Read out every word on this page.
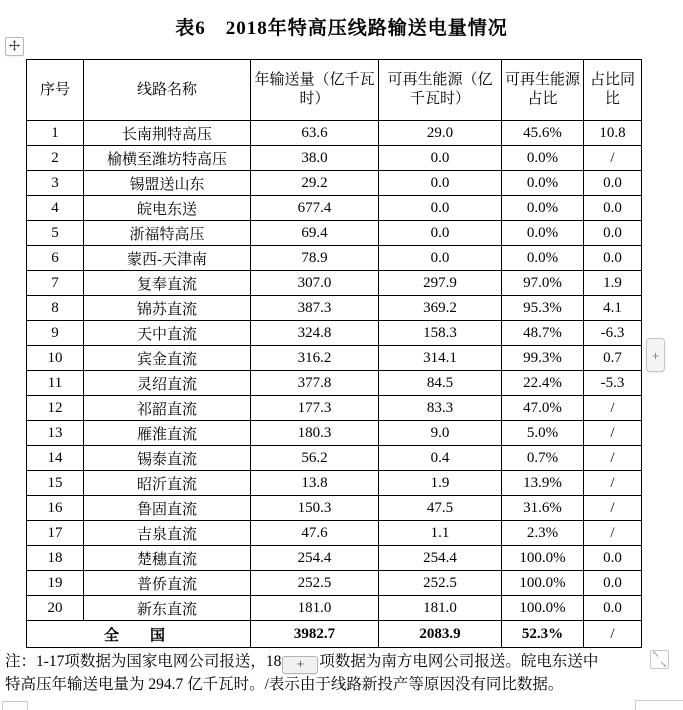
表6　2018年特高压线路输送电量情况
序号	线路名称	年输送量（亿千瓦时）	可再生能源（亿千瓦时）	可再生能源占比	占比同比
1	长南荆特高压	63.6	29.0	45.6%	10.8
2	榆横至潍坊特高压	38.0	0.0	0.0%	/
3	锡盟送山东	29.2	0.0	0.0%	0.0
4	皖电东送	677.4	0.0	0.0%	0.0
5	浙福特高压	69.4	0.0	0.0%	0.0
6	蒙西-天津南	78.9	0.0	0.0%	0.0
7	复奉直流	307.0	297.9	97.0%	1.9
8	锦苏直流	387.3	369.2	95.3%	4.1
9	天中直流	324.8	158.3	48.7%	-6.3
10	宾金直流	316.2	314.1	99.3%	0.7
11	灵绍直流	377.8	84.5	22.4%	-5.3
12	祁韶直流	177.3	83.3	47.0%	/
13	雁淮直流	180.3	9.0	5.0%	/
14	锡泰直流	56.2	0.4	0.7%	/
15	昭沂直流	13.8	1.9	13.9%	/
16	鲁固直流	150.3	47.5	31.6%	/
17	吉泉直流	47.6	1.1	2.3%	/
18	楚穗直流	254.4	254.4	100.0%	0.0
19	普侨直流	252.5	252.5	100.0%	0.0
20	新东直流	181.0	181.0	100.0%	0.0
全　国		3982.7	2083.9	52.3%	/
+
注：1-17项数据为国家电网公司报送，18 + 项数据为南方电网公司报送。皖电东送中
特高压年输送电量为 294.7 亿千瓦时。/表示由于线路新投产等原因没有同比数据。
↖
↘
